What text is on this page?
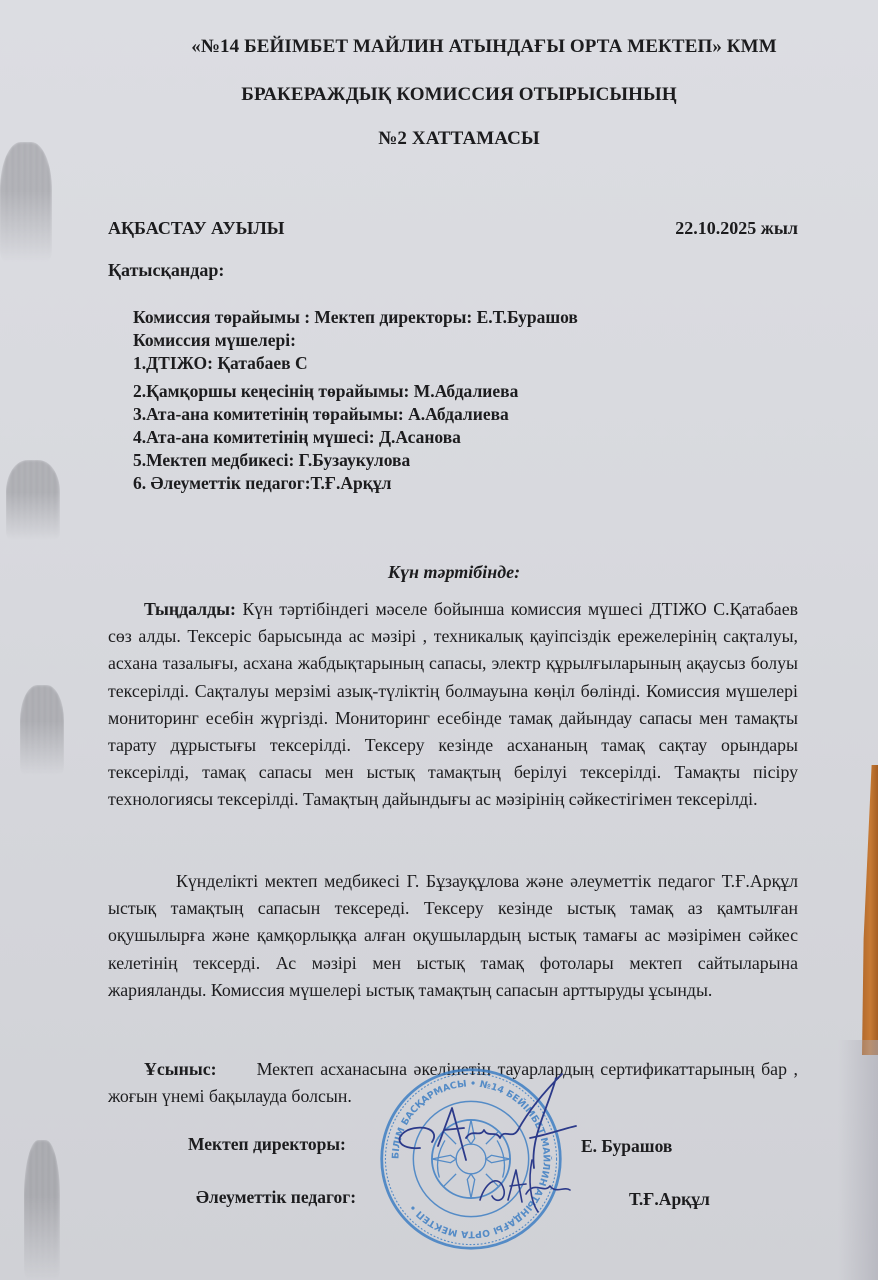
«№14 БЕЙІМБЕТ МАЙЛИН АТЫНДАҒЫ ОРТА МЕКТЕП» КММ
БРАКЕРАЖДЫҚ КОМИССИЯ ОТЫРЫСЫНЫҢ
№2 ХАТТАМАСЫ
АҚБАСТАУ АУЫЛЫ	22.10.2025 жыл
Қатысқандар:
Комиссия төрайымы : Мектеп директоры: Е.Т.Бурашов
Комиссия мүшелері:
1.ДТІЖО: Қатабаев С
2.Қамқоршы кеңесінің төрайымы: М.Абдалиева
3.Ата-ана комитетінің төрайымы: А.Абдалиева
4.Ата-ана комитетінің мүшесі: Д.Асанова
5.Мектеп медбикесі: Г.Бузаукулова
6. Әлеуметтік педагог:Т.Ғ.Арқұл
Күн тәртібінде:
Тыңдалды: Күн тәртібіндегі мәселе бойынша комиссия мүшесі ДТІЖО С.Қатабаев сөз алды. Тексеріс барысында ас мәзірі , техникалық қауіпсіздік ережелерінің сақталуы, асхана тазалығы, асхана жабдықтарының сапасы, электр құрылғыларының ақаусыз болуы тексерілді. Сақталуы мерзімі азық-түліктің болмауына көңіл бөлінді. Комиссия мүшелері мониторинг есебін жүргізді. Мониторинг есебінде тамақ дайындау сапасы мен тамақты тарату дұрыстығы тексерілді. Тексеру кезінде асхананың тамақ сақтау орындары тексерілді, тамақ сапасы мен ыстық тамақтың берілуі тексерілді. Тамақты пісіру технологиясы тексерілді. Тамақтың дайындығы ас мәзірінің сәйкестігімен тексерілді.
Күнделікті мектеп медбикесі Г. Бұзауқұлова және әлеуметтік педагог Т.Ғ.Арқұл ыстық тамақтың сапасын тексереді. Тексеру кезінде ыстық тамақ аз қамтылған оқушылырға және қамқорлыққа алған оқушылардың ыстық тамағы ас мәзірімен сәйкес келетінің тексерді. Ас мәзірі мен ыстық тамақ фотолары мектеп сайтыларына жарияланды. Комиссия мүшелері ыстық тамақтың сапасын арттыруды ұсынды.
Ұсыныс: Мектеп асханасына әкелінетін тауарлардың сертификаттарының бар , жоғын үнемі бақылауда болсын.
БІЛІМ БАСҚАРМАСЫ • №14 БЕЙІМБЕТ МАЙЛИН АТЫНДАҒЫ ОРТА МЕКТЕП •
Мектеп директоры:	Е. Бурашов
Әлеуметтік педагог:	Т.Ғ.Арқұл
